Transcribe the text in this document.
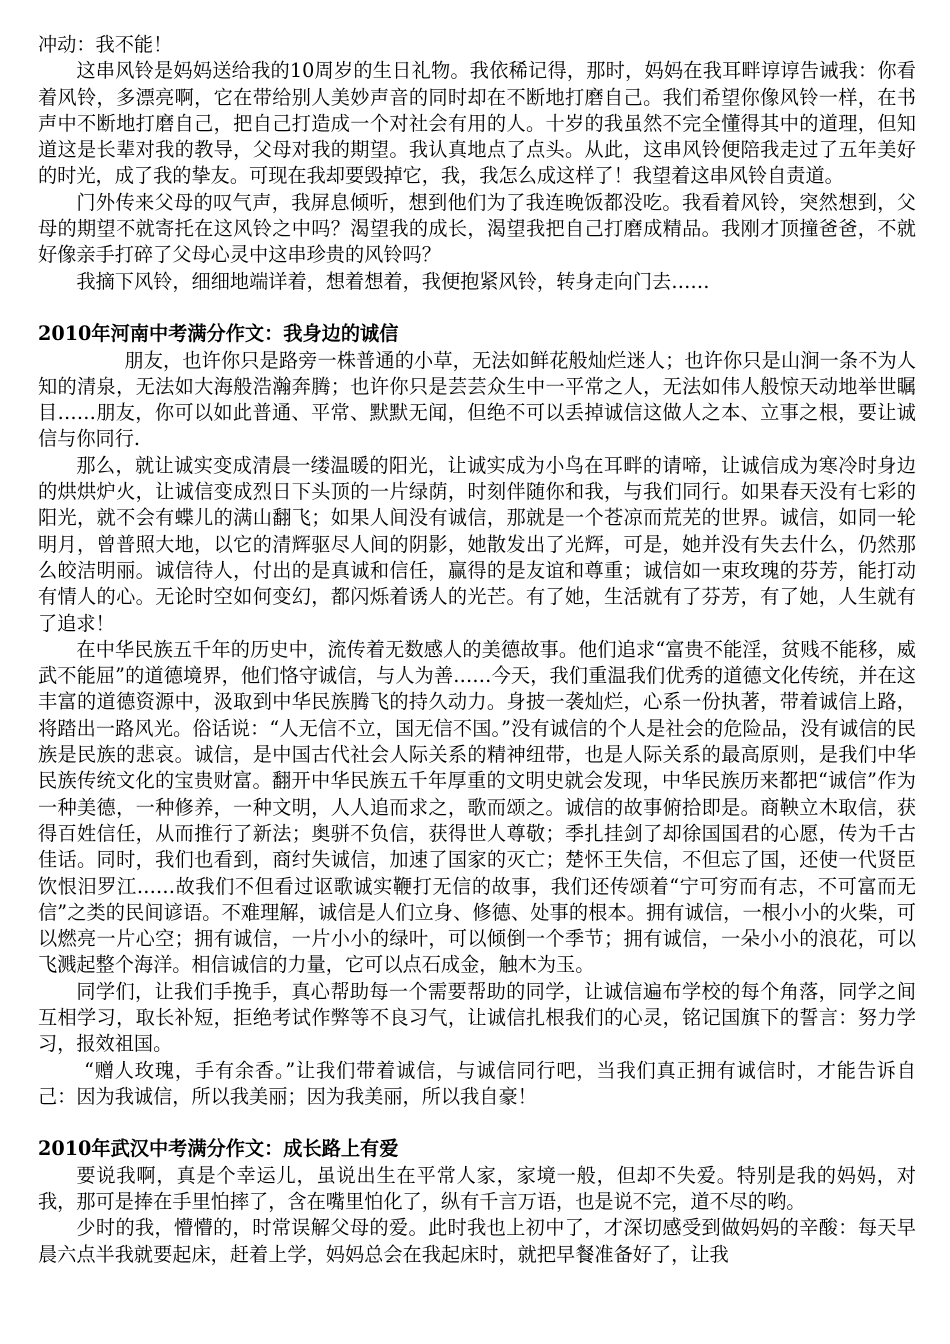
冲动：我不能！

这串风铃是妈妈送给我的10周岁的生日礼物。我依稀记得，那时，妈妈在我耳畔谆谆告诫我：你看着风铃，多漂亮啊，它在带给别人美妙声音的同时却在不断地打磨自己。我们希望你像风铃一样，在书声中不断地打磨自己，把自己打造成一个对社会有用的人。十岁的我虽然不完全懂得其中的道理，但知道这是长辈对我的教导，父母对我的期望。我认真地点了点头。从此，这串风铃便陪我走过了五年美好的时光，成了我的挚友。可现在我却要毁掉它，我，我怎么成这样了！我望着这串风铃自责道。

门外传来父母的叹气声，我屏息倾听，想到他们为了我连晚饭都没吃。我看着风铃，突然想到，父母的期望不就寄托在这风铃之中吗？渴望我的成长，渴望我把自己打磨成精品。我刚才顶撞爸爸，不就好像亲手打碎了父母心灵中这串珍贵的风铃吗？

我摘下风铃，细细地端详着，想着想着，我便抱紧风铃，转身走向门去……

2010年河南中考满分作文：我身边的诚信

朋友，也许你只是路旁一株普通的小草，无法如鲜花般灿烂迷人；也许你只是山涧一条不为人知的清泉，无法如大海般浩瀚奔腾；也许你只是芸芸众生中一平常之人，无法如伟人般惊天动地举世瞩目……朋友，你可以如此普通、平常、默默无闻，但绝不可以丢掉诚信这做人之本、立事之根，要让诚信与你同行.

那么，就让诚实变成清晨一缕温暖的阳光，让诚实成为小鸟在耳畔的请啼，让诚信成为寒冷时身边的烘烘炉火，让诚信变成烈日下头顶的一片绿荫，时刻伴随你和我，与我们同行。如果春天没有七彩的阳光，就不会有蝶儿的满山翻飞；如果人间没有诚信，那就是一个苍凉而荒芜的世界。诚信，如同一轮明月，曾普照大地，以它的清辉驱尽人间的阴影，她散发出了光辉，可是，她并没有失去什么，仍然那么皎洁明丽。诚信待人，付出的是真诚和信任，赢得的是友谊和尊重；诚信如一束玫瑰的芬芳，能打动有情人的心。无论时空如何变幻，都闪烁着诱人的光芒。有了她，生活就有了芬芳，有了她，人生就有了追求！

在中华民族五千年的历史中，流传着无数感人的美德故事。他们追求“富贵不能淫，贫贱不能移，威武不能屈”的道德境界，他们恪守诚信，与人为善……今天，我们重温我们优秀的道德文化传统，并在这丰富的道德资源中，汲取到中华民族腾飞的持久动力。身披一袭灿烂，心系一份执著，带着诚信上路，将踏出一路风光。俗话说：“人无信不立，国无信不国。”没有诚信的个人是社会的危险品，没有诚信的民族是民族的悲哀。诚信，是中国古代社会人际关系的精神纽带，也是人际关系的最高原则，是我们中华民族传统文化的宝贵财富。翻开中华民族五千年厚重的文明史就会发现，中华民族历来都把“诚信”作为一种美德，一种修养，一种文明，人人追而求之，歌而颂之。诚信的故事俯拾即是。商鞅立木取信，获得百姓信任，从而推行了新法；奥骈不负信，获得世人尊敬；季扎挂剑了却徐国国君的心愿，传为千古佳话。同时，我们也看到，商纣失诚信，加速了国家的灭亡；楚怀王失信，不但忘了国，还使一代贤臣饮恨汨罗江……故我们不但看过讴歌诚实鞭打无信的故事，我们还传颂着“宁可穷而有志，不可富而无信”之类的民间谚语。不难理解，诚信是人们立身、修德、处事的根本。拥有诚信，一根小小的火柴，可以燃亮一片心空；拥有诚信，一片小小的绿叶，可以倾倒一个季节；拥有诚信，一朵小小的浪花，可以飞溅起整个海洋。相信诚信的力量，它可以点石成金，触木为玉。

同学们，让我们手挽手，真心帮助每一个需要帮助的同学，让诚信遍布学校的每个角落，同学之间互相学习，取长补短，拒绝考试作弊等不良习气，让诚信扎根我们的心灵，铭记国旗下的誓言：努力学习，报效祖国。

“赠人玫瑰，手有余香。”让我们带着诚信，与诚信同行吧，当我们真正拥有诚信时，才能告诉自己：因为我诚信，所以我美丽；因为我美丽，所以我自豪！

2010年武汉中考满分作文：成长路上有爱

要说我啊，真是个幸运儿，虽说出生在平常人家，家境一般，但却不失爱。特别是我的妈妈，对我，那可是捧在手里怕摔了，含在嘴里怕化了，纵有千言万语，也是说不完，道不尽的哟。

少时的我，懵懵的，时常误解父母的爱。此时我也上初中了，才深切感受到做妈妈的辛酸：每天早晨六点半我就要起床，赶着上学，妈妈总会在我起床时，就把早餐准备好了，让我
